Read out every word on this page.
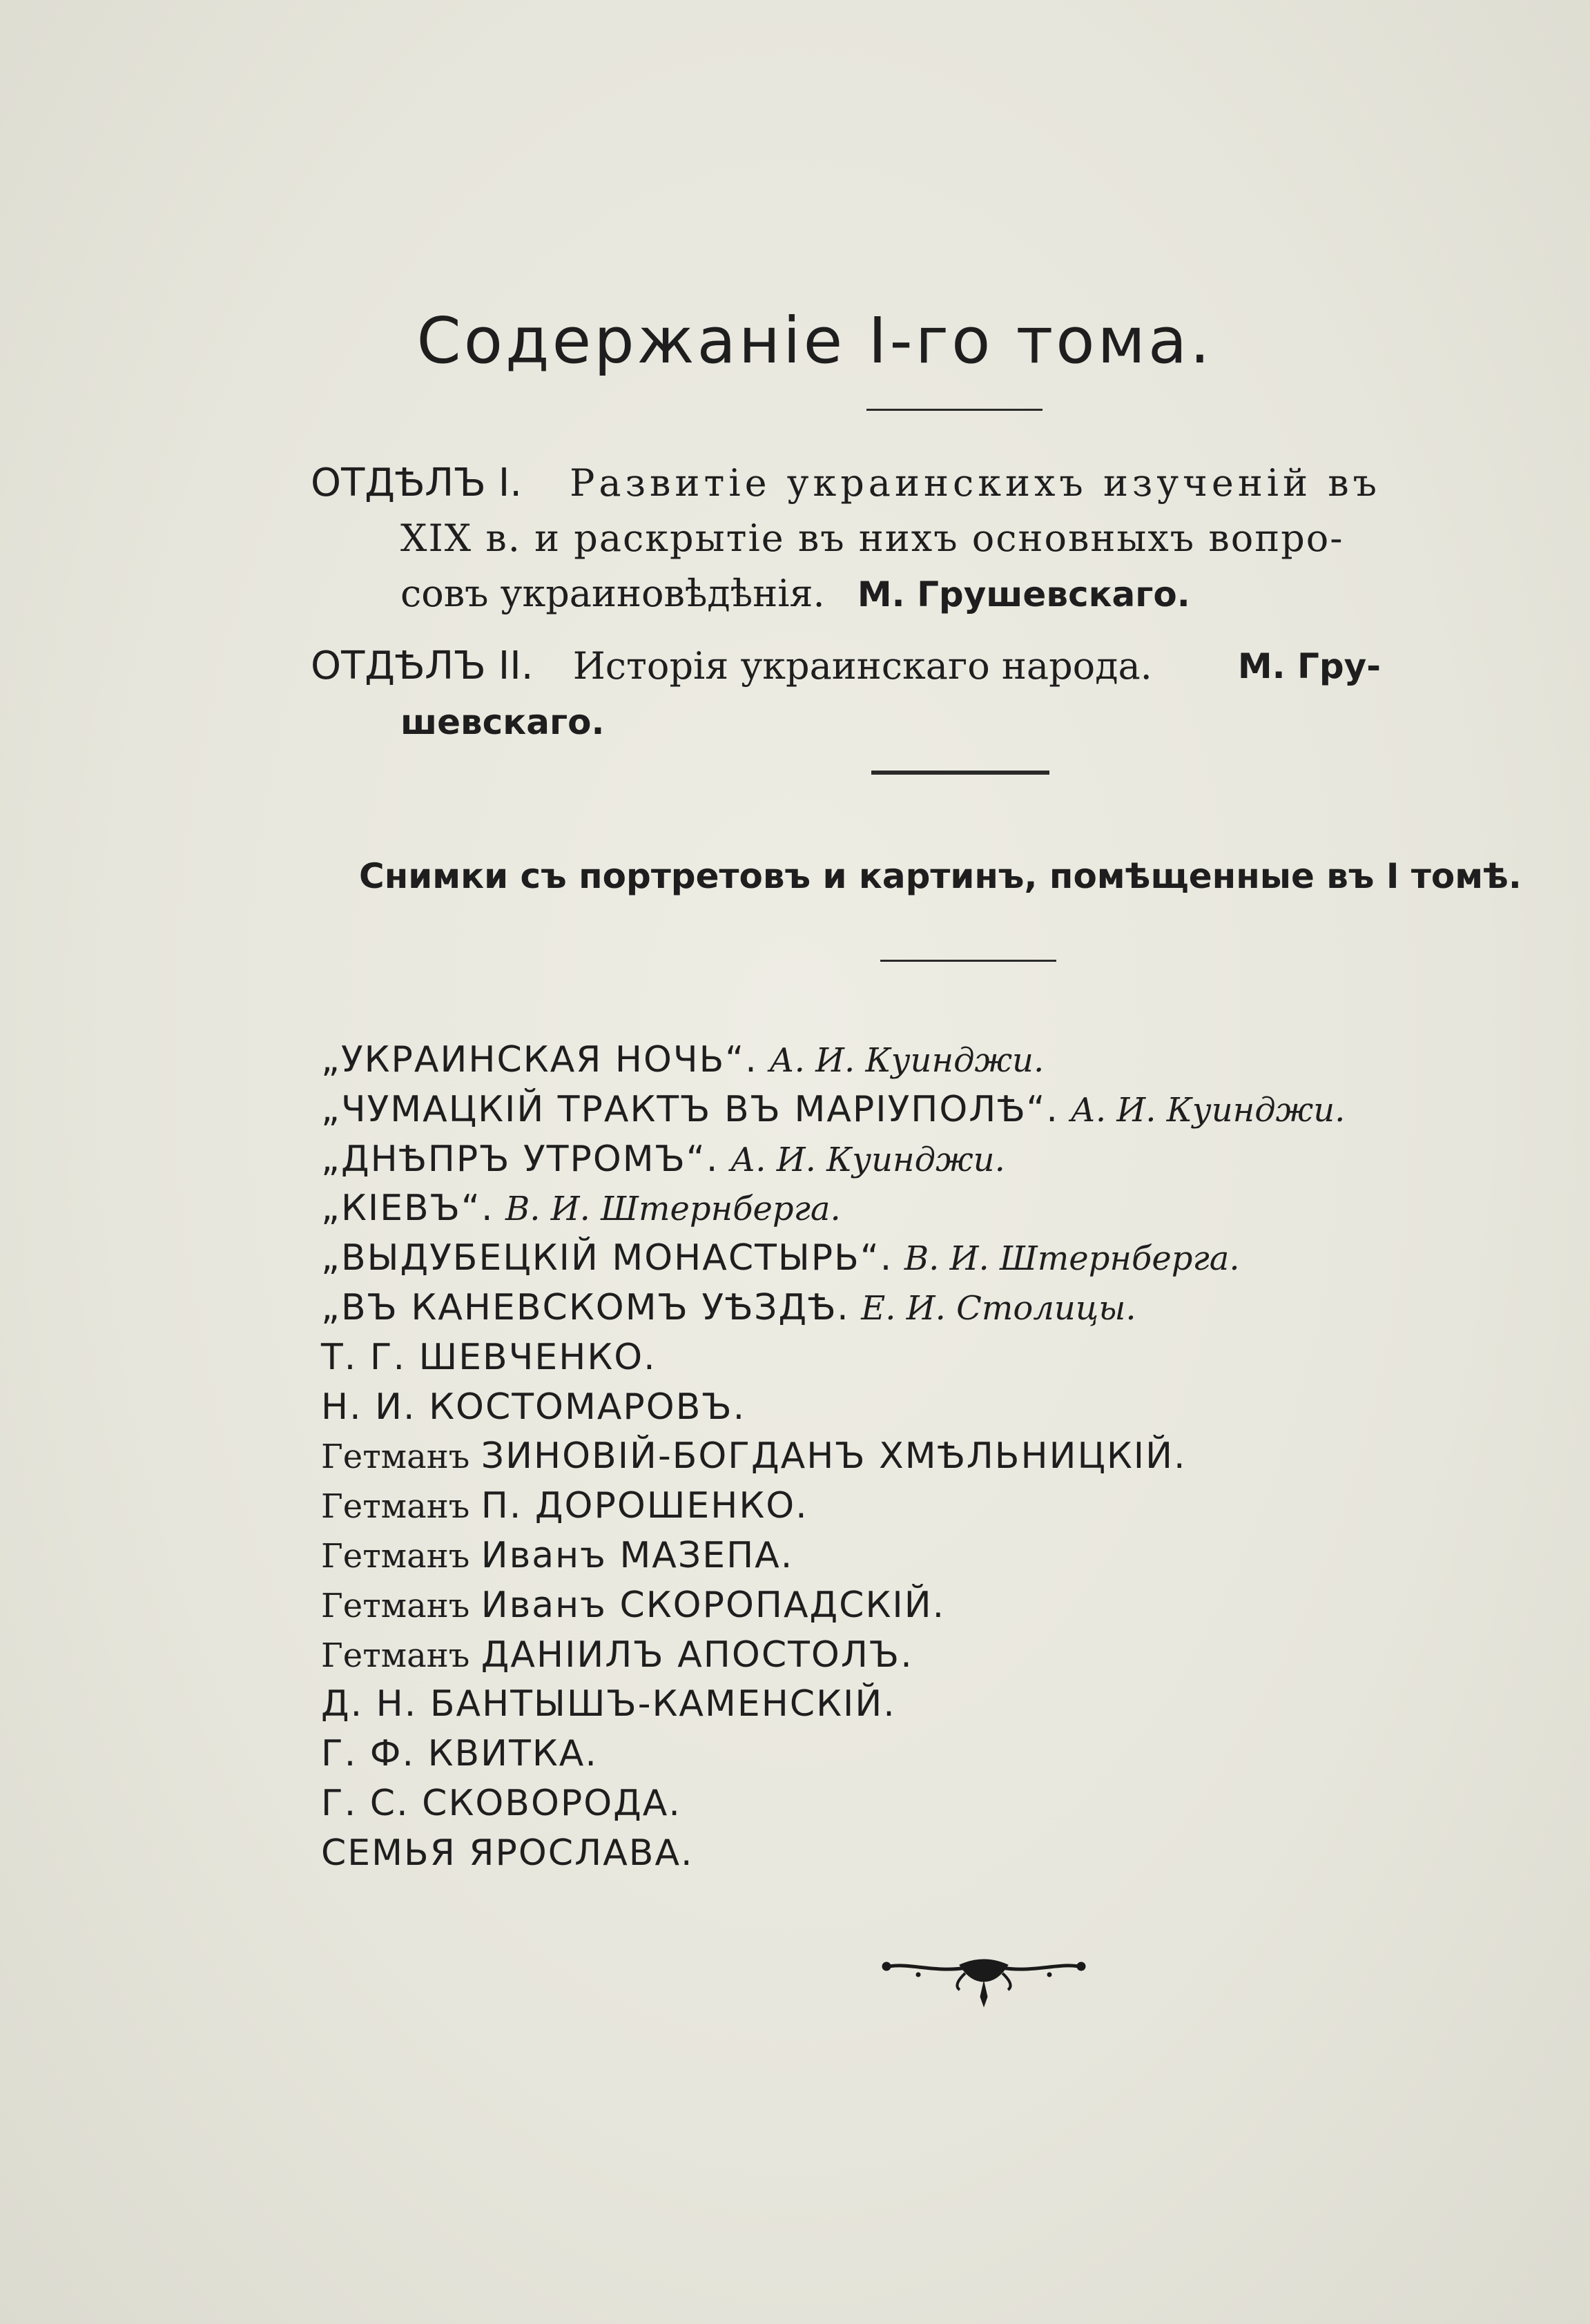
Содержаніе І-го тома.
ОТДѢЛЪ І. Развитіе украинскихъ изученій въ
XIX в. и раскрытіе въ нихъ основныхъ вопро-
совъ украиновѣдѣнія. М. Грушевскаго.
ОТДѢЛЪ ІІ. Исторія украинскаго народа. М. Гру-
шевскаго.
Снимки съ портретовъ и картинъ, помѣщенные въ І томѣ.
„УКРАИНСКАЯ НОЧЬ“. А. И. Куинджи.
„ЧУМАЦКІЙ ТРАКТЪ ВЪ МАРІУПОЛѢ“. А. И. Куинджи.
„ДНѢПРЪ УТРОМЪ“. А. И. Куинджи.
„КІЕВЪ“. В. И. Штернберга.
„ВЫДУБЕЦКІЙ МОНАСТЫРЬ“. В. И. Штернберга.
„ВЪ КАНЕВСКОМЪ УѢЗДѢ. Е. И. Столицы.
Т. Г. ШЕВЧЕНКО.
Н. И. КОСТОМАРОВЪ.
Гетманъ ЗИНОВІЙ-БОГДАНЪ ХМѢЛЬНИЦКІЙ.
Гетманъ П. ДОРОШЕНКО.
Гетманъ Иванъ МАЗЕПА.
Гетманъ Иванъ СКОРОПАДСКІЙ.
Гетманъ ДАНІИЛЪ АПОСТОЛЪ.
Д. Н. БАНТЫШЪ-КАМЕНСКІЙ.
Г. Ф. КВИТКА.
Г. С. СКОВОРОДА.
СЕМЬЯ ЯРОСЛАВА.
